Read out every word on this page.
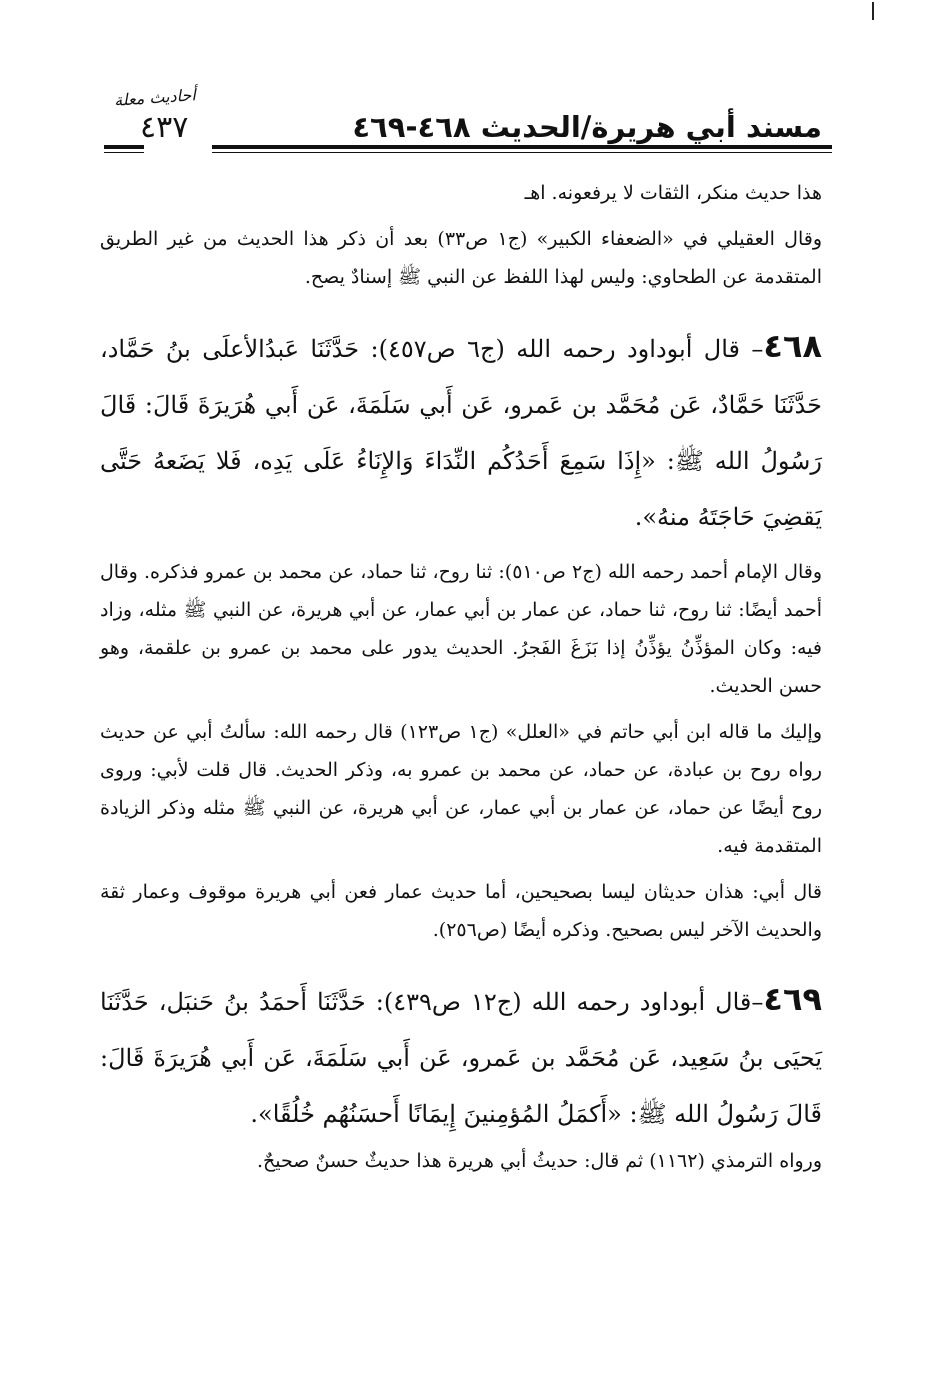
أحاديث معلة
٤٣٧	مسند أبي هريرة/الحديث ٤٦٨-٤٦٩

هذا حديث منكر، الثقات لا يرفعونه. اهـ

وقال العقيلي في «الضعفاء الكبير» (ج١ ص٣٣) بعد أن ذكر هذا الحديث من غير الطريق المتقدمة عن الطحاوي: وليس لهذا اللفظ عن النبي ﷺ إسنادٌ يصح.

٤٦٨– قال أبوداود رحمه الله (ج٦ ص٤٥٧): حَدَّثَنَا عَبدُالأعلَى بنُ حَمَّاد، حَدَّثَنَا حَمَّادٌ، عَن مُحَمَّد بن عَمرو، عَن أَبي سَلَمَةَ، عَن أَبي هُرَيرَةَ قَالَ: قَالَ رَسُولُ الله ﷺ: «إِذَا سَمِعَ أَحَدُكُم النِّدَاءَ وَالإِنَاءُ عَلَى يَدِه، فَلا يَضَعهُ حَتَّى يَقضِيَ حَاجَتَهُ منهُ».

وقال الإمام أحمد رحمه الله (ج٢ ص٥١٠): ثنا روح، ثنا حماد، عن محمد بن عمرو فذكره. وقال أحمد أيضًا: ثنا روح، ثنا حماد، عن عمار بن أبي عمار، عن أبي هريرة، عن النبي ﷺ مثله، وزاد فيه: وكان المؤذِّنُ يؤذِّنُ إذا بَزَغَ الفَجرُ. الحديث يدور على محمد بن عمرو بن علقمة، وهو حسن الحديث.

وإليك ما قاله ابن أبي حاتم في «العلل» (ج١ ص١٢٣) قال رحمه الله: سألتُ أبي عن حديث رواه روح بن عبادة، عن حماد، عن محمد بن عمرو به، وذكر الحديث. قال قلت لأبي: وروى روح أيضًا عن حماد، عن عمار بن أبي عمار، عن أبي هريرة، عن النبي ﷺ مثله وذكر الزيادة المتقدمة فيه.

قال أبي: هذان حديثان ليسا بصحيحين، أما حديث عمار فعن أبي هريرة موقوف وعمار ثقة والحديث الآخر ليس بصحيح. وذكره أيضًا (ص٢٥٦).

٤٦٩–قال أبوداود رحمه الله (ج١٢ ص٤٣٩): حَدَّثَنَا أَحمَدُ بنُ حَنبَل، حَدَّثَنَا يَحيَى بنُ سَعِيد، عَن مُحَمَّد بن عَمرو، عَن أَبي سَلَمَةَ، عَن أَبي هُرَيرَةَ قَالَ: قَالَ رَسُولُ الله ﷺ: «أَكمَلُ المُؤمِنينَ إِيمَانًا أَحسَنُهُم خُلُقًا».

ورواه الترمذي (١١٦٢) ثم قال: حديثُ أبي هريرة هذا حديثٌ حسنٌ صحيحٌ.
